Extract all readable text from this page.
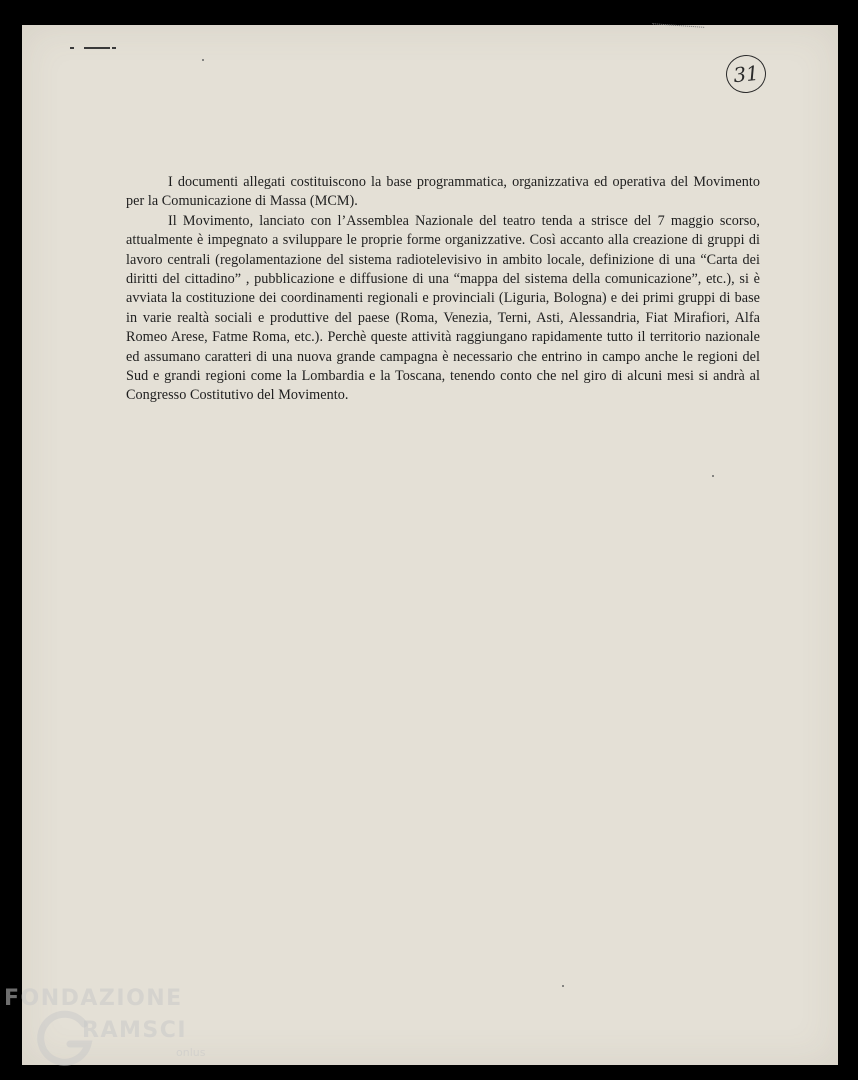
31

I documenti allegati costituiscono la base programmatica, organizzativa ed operativa del Movimento per la Comunicazione di Massa (MCM).

Il Movimento, lanciato con l’Assemblea Nazionale del teatro tenda a strisce del 7 maggio scorso, attualmente è impegnato a sviluppare le proprie forme organizzative. Così accanto alla creazione di gruppi di lavoro centrali (regolamentazione del sistema radiotelevisivo in ambito locale, definizione di una “Carta dei diritti del cittadino” , pubblicazione e diffusione di una “mappa del sistema della comunicazione”, etc.), si è avviata la costituzione dei coordinamenti regionali e provinciali (Liguria, Bologna) e dei primi gruppi di base in varie realtà sociali e produttive del paese (Roma, Venezia, Terni, Asti, Alessandria, Fiat Mirafiori, Alfa Romeo Arese, Fatme Roma, etc.). Perchè queste attività raggiungano rapidamente tutto il territorio nazionale ed assumano caratteri di una nuova grande campagna è necessario che entrino in campo anche le regioni del Sud e grandi regioni come la Lombardia e la Toscana, tenendo conto che nel giro di alcuni mesi si andrà al Congresso Costitutivo del Movimento.

FONDAZIONE
RAMSCI
onlus
